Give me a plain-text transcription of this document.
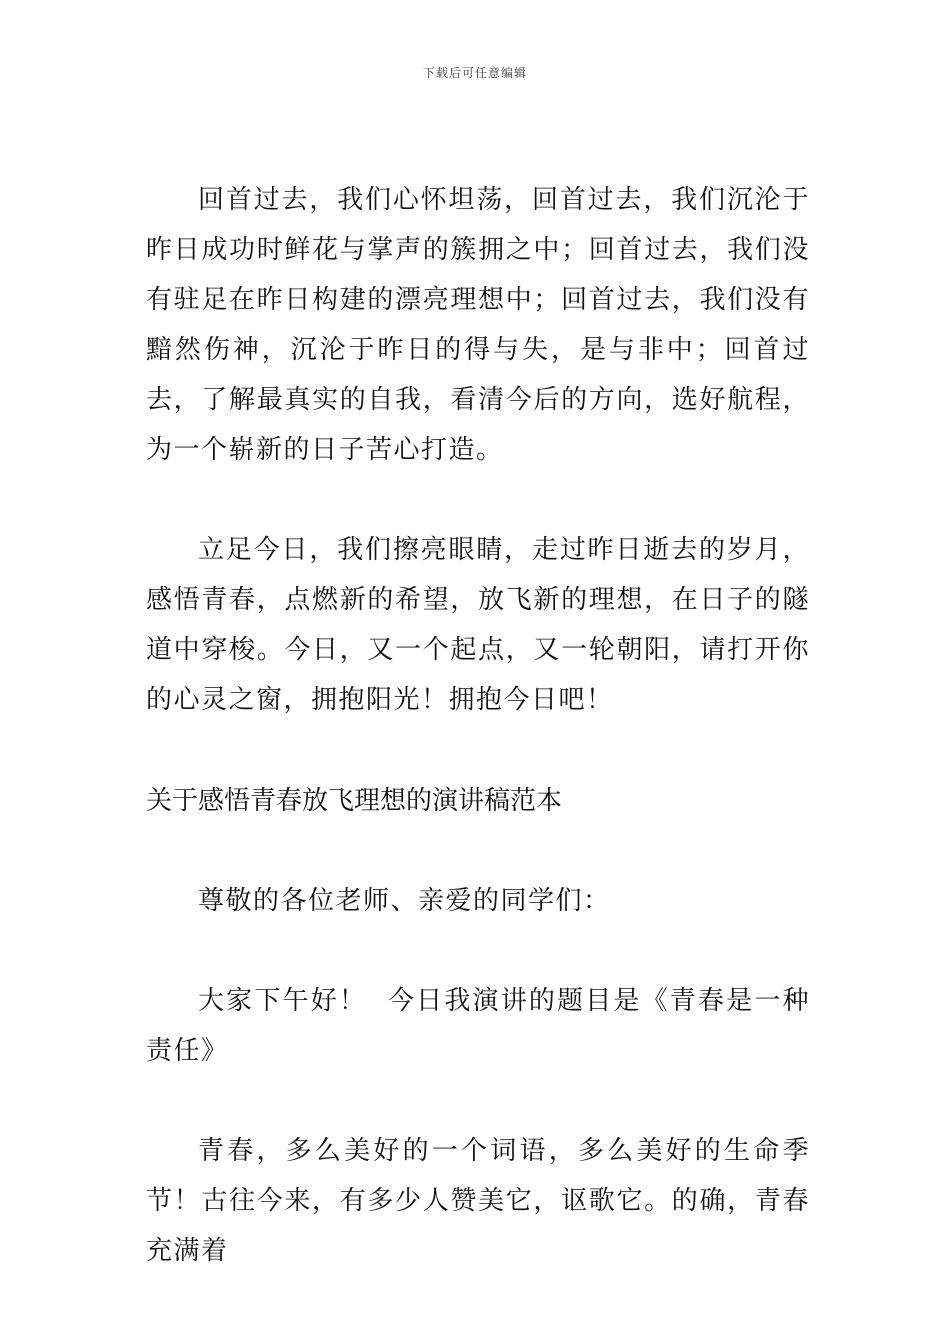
下载后可任意编辑

回首过去，我们心怀坦荡，回首过去，我们沉沦于昨日成功时鲜花与掌声的簇拥之中；回首过去，我们没有驻足在昨日构建的漂亮理想中；回首过去，我们没有黯然伤神，沉沦于昨日的得与失，是与非中；回首过去，了解最真实的自我，看清今后的方向，选好航程，为一个崭新的日子苦心打造。

立足今日，我们擦亮眼睛，走过昨日逝去的岁月，感悟青春，点燃新的希望，放飞新的理想，在日子的隧道中穿梭。今日，又一个起点，又一轮朝阳，请打开你的心灵之窗，拥抱阳光！拥抱今日吧！

关于感悟青春放飞理想的演讲稿范本

尊敬的各位老师、亲爱的同学们：

大家下午好！  今日我演讲的题目是《青春是一种责任》

青春，多么美好的一个词语，多么美好的生命季节！古往今来，有多少人赞美它，讴歌它。的确，青春充满着
